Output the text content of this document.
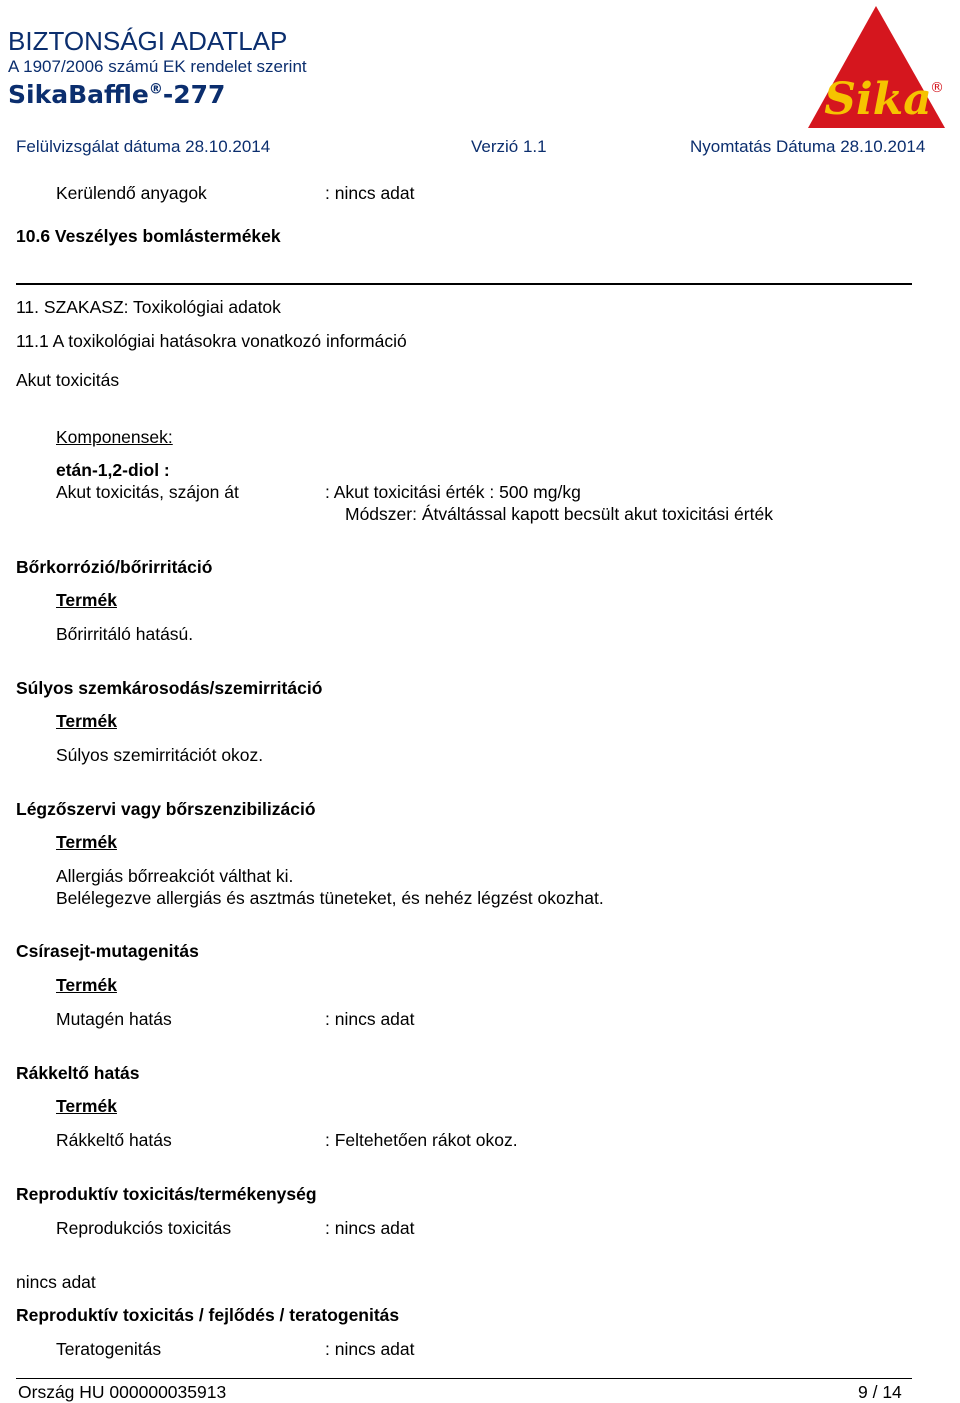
BIZTONSÁGI ADATLAP
A 1907/2006 számú EK rendelet szerint
SikaBaffle®-277	Sika
®
Felülvizsgálat dátuma 28.10.2014	Verzió 1.1	Nyomtatás Dátuma 28.10.2014
Kerülendő anyagok	: nincs adat
10.6 Veszélyes bomlástermékek
11. SZAKASZ: Toxikológiai adatok
11.1 A toxikológiai hatásokra vonatkozó információ
Akut toxicitás
Komponensek:
etán-1,2-diol :
Akut toxicitás, szájon át	: Akut toxicitási érték : 500 mg/kg
Módszer: Átváltással kapott becsült akut toxicitási érték
Bőrkorrózió/bőrirritáció
Termék
Bőrirritáló hatású.
Súlyos szemkárosodás/szemirritáció
Termék
Súlyos szemirritációt okoz.
Légzőszervi vagy bőrszenzibilizáció
Termék
Allergiás bőrreakciót válthat ki.
Belélegezve allergiás és asztmás tüneteket, és nehéz légzést okozhat.
Csírasejt-mutagenitás
Termék
Mutagén hatás	: nincs adat
Rákkeltő hatás
Termék
Rákkeltő hatás	: Feltehetően rákot okoz.
Reproduktív toxicitás/termékenység
Reprodukciós toxicitás	: nincs adat
nincs adat
Reproduktív toxicitás / fejlődés / teratogenitás
Teratogenitás	: nincs adat
Ország HU 000000035913	9 / 14
